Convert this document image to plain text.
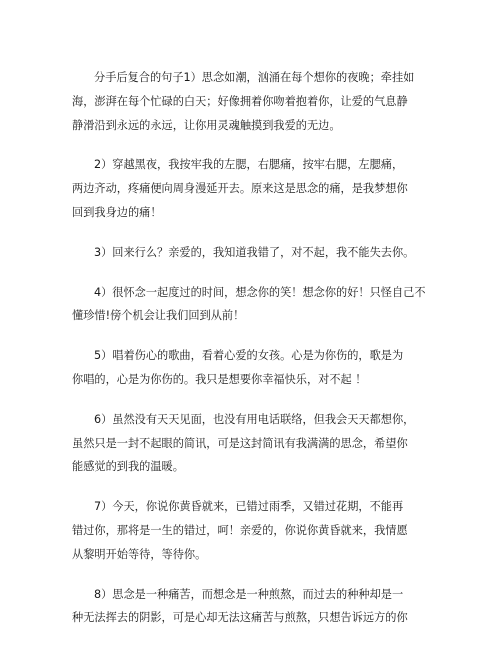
分手后复合的句子1）思念如潮，汹涌在每个想你的夜晚；牵挂如
海，澎湃在每个忙碌的白天；好像拥着你吻着抱着你，让爱的气息静
静滑沿到永远的永远，让你用灵魂触摸到我爱的无边。
2）穿越黑夜，我按牢我的左腮，右腮痛，按牢右腮，左腮痛，
两边齐动，疼痛便向周身漫延开去。原来这是思念的痛，是我梦想你
回到我身边的痛！
3）回来行么？亲爱的，我知道我错了，对不起，我不能失去你。
4）很怀念一起度过的时间，想念你的笑！想念你的好！只怪自己不
懂珍惜!傍个机会让我们回到从前！
5）唱着伤心的歌曲，看着心爱的女孩。心是为你伤的，歌是为
你唱的，心是为你伤的。我只是想要你幸福快乐，对不起 ！
6）虽然没有天天见面，也没有用电话联络，但我会天天都想你，
虽然只是一封不起眼的简讯，可是这封简讯有我满满的思念，希望你
能感觉的到我的温暖。
7）今天，你说你黄昏就来，已错过雨季，又错过花期，不能再
错过你，那将是一生的错过，呵！亲爱的，你说你黄昏就来，我情愿
从黎明开始等待，等待你。
8）思念是一种痛苦，而想念是一种煎熬，而过去的种种却是一
种无法挥去的阴影，可是心却无法这痛苦与煎熬，只想告诉远方的你
